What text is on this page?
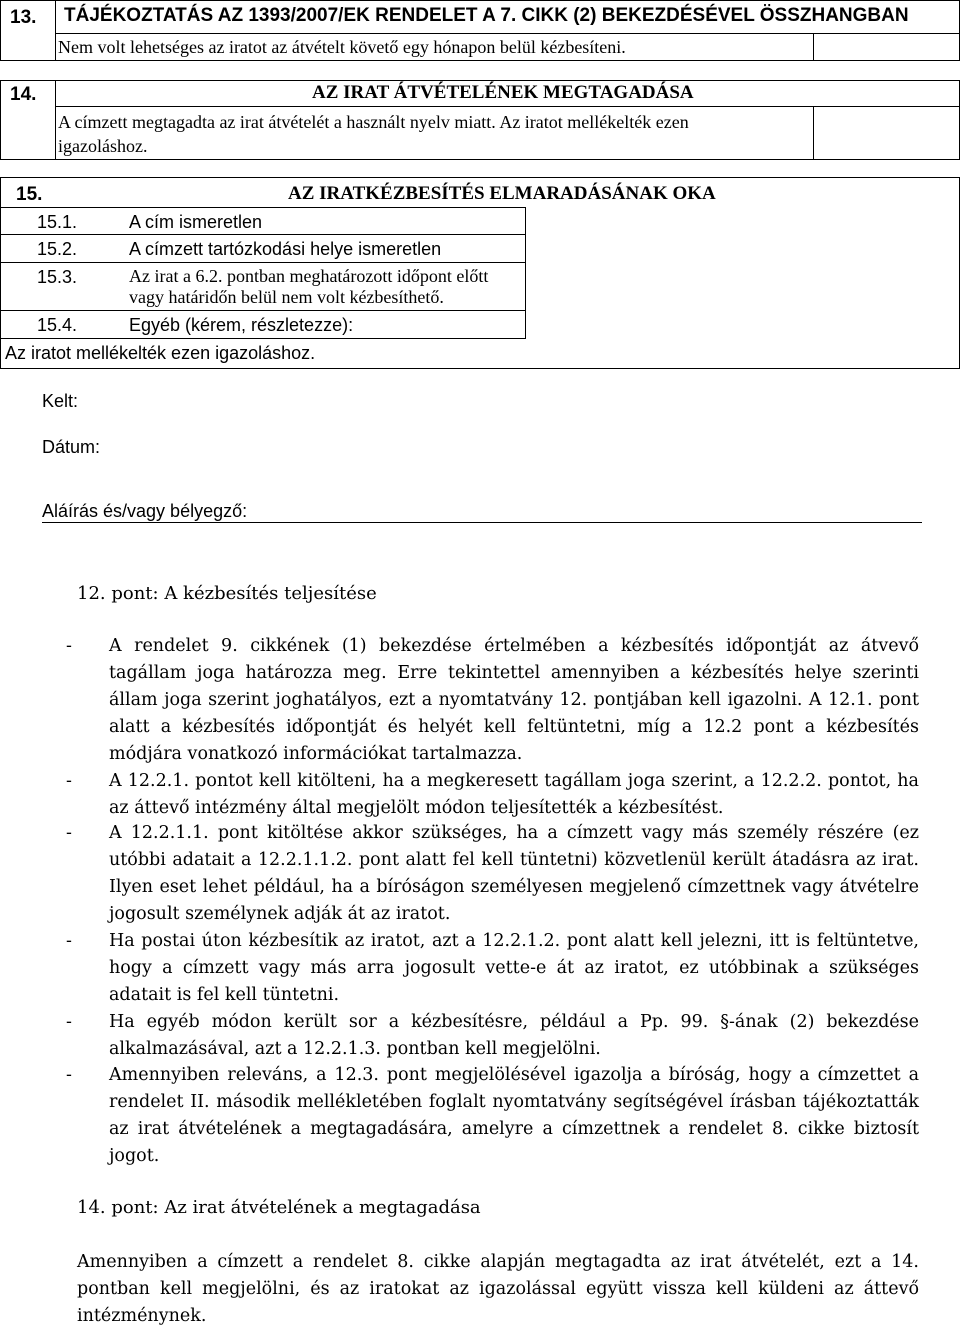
13. TÁJÉKOZTATÁS AZ 1393/2007/EK RENDELET A 7. CIKK (2) BEKEZDÉSÉVEL ÖSSZHANGBAN
Nem volt lehetséges az iratot az átvételt követő egy hónapon belül kézbesíteni.
14.	AZ IRAT ÁTVÉTELÉNEK MEGTAGADÁSA
A címzett megtagadta az irat átvételét a használt nyelv miatt. Az iratot mellékelték ezen
igazoláshoz.
15.	AZ IRATKÉZBESÍTÉS ELMARADÁSÁNAK OKA
15.1.	A cím ismeretlen
15.2.	A címzett tartózkodási helye ismeretlen
15.3.	Az irat a 6.2. pontban meghatározott időpont előtt
vagy határidőn belül nem volt kézbesíthető.
15.4.	Egyéb (kérem, részletezze):
Az iratot mellékelték ezen igazoláshoz.
Kelt:
Dátum:
Aláírás és/vagy bélyegző:
12. pont: A kézbesítés teljesítése
- A rendelet 9. cikkének (1) bekezdése értelmében a kézbesítés időpontját az átvevő tagállam joga határozza meg. Erre tekintettel amennyiben a kézbesítés helye szerinti állam joga szerint joghatályos, ezt a nyomtatvány 12. pontjában kell igazolni. A 12.1. pont alatt a kézbesítés időpontját és helyét kell feltüntetni, míg a 12.2 pont a kézbesítés módjára vonatkozó információkat tartalmazza.
- A 12.2.1. pontot kell kitölteni, ha a megkeresett tagállam joga szerint, a 12.2.2. pontot, ha az áttevő intézmény által megjelölt módon teljesítették a kézbesítést.
- A 12.2.1.1. pont kitöltése akkor szükséges, ha a címzett vagy más személy részére (ez utóbbi adatait a 12.2.1.1.2. pont alatt fel kell tüntetni) közvetlenül került átadásra az irat. Ilyen eset lehet például, ha a bíróságon személyesen megjelenő címzettnek vagy átvételre jogosult személynek adják át az iratot.
- Ha postai úton kézbesítik az iratot, azt a 12.2.1.2. pont alatt kell jelezni, itt is feltüntetve, hogy a címzett vagy más arra jogosult vette-e át az iratot, ez utóbbinak a szükséges adatait is fel kell tüntetni.
- Ha egyéb módon került sor a kézbesítésre, például a Pp. 99. §-ának (2) bekezdése alkalmazásával, azt a 12.2.1.3. pontban kell megjelölni.
- Amennyiben releváns, a 12.3. pont megjelölésével igazolja a bíróság, hogy a címzettet a rendelet II. második mellékletében foglalt nyomtatvány segítségével írásban tájékoztatták az irat átvételének a megtagadására, amelyre a címzettnek a rendelet 8. cikke biztosít jogot.
14. pont: Az irat átvételének a megtagadása
Amennyiben a címzett a rendelet 8. cikke alapján megtagadta az irat átvételét, ezt a 14. pontban kell megjelölni, és az iratokat az igazolással együtt vissza kell küldeni az áttevő intézménynek.
